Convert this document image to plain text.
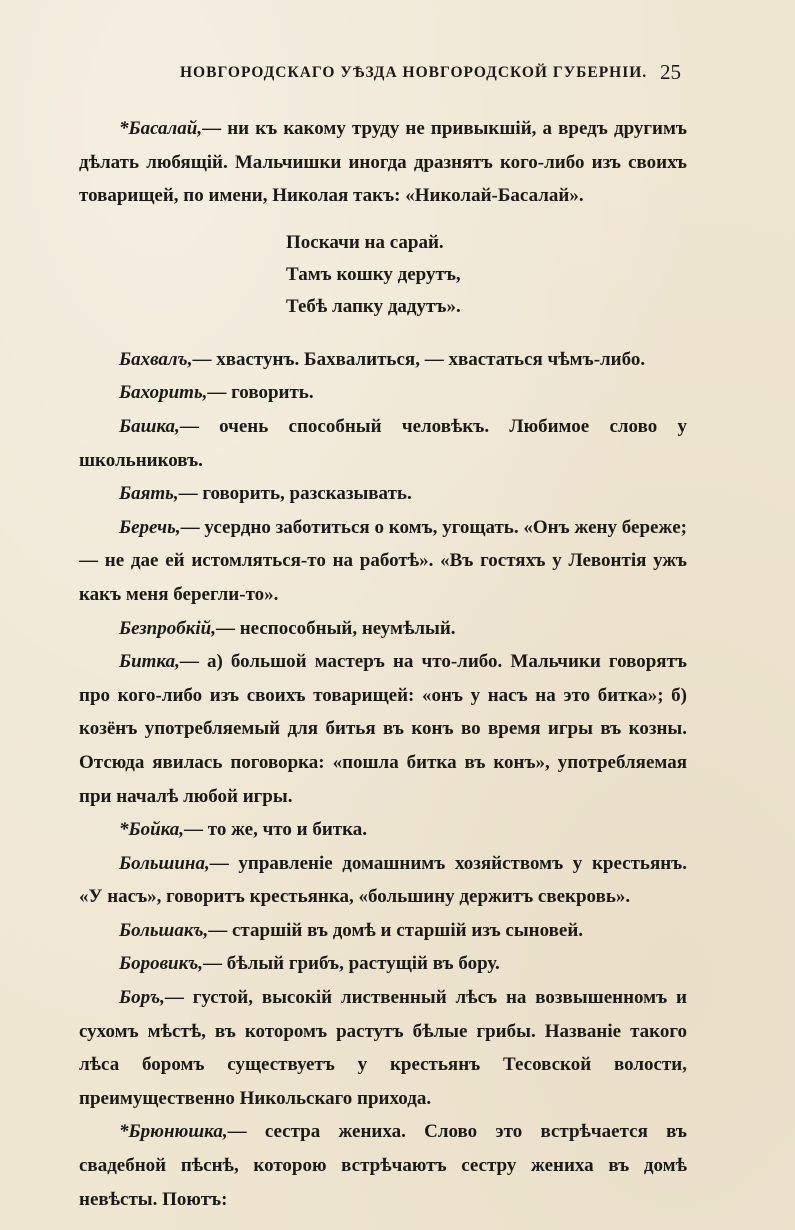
НОВГОРОДСКАГО УѢЗДА НОВГОРОДСКОЙ ГУБЕРНІИ. 25

*Басалай,— ни къ какому труду не привыкшій, а вредъ другимъ дѣлать любящій. Мальчишки иногда дразнятъ кого-либо изъ своихъ товарищей, по имени, Николая такъ: «Николай-Басалай».

Поскачи на сарай.
Тамъ кошку дерутъ,
Тебѣ лапку дадутъ».

Бахвалъ,— хвастунъ. Бахвалиться, — хвастаться чѣмъ-либо.

Бахорить,— говорить.

Башка,— очень способный человѣкъ. Любимое слово у школьниковъ.

Баять,— говорить, разсказывать.

Беречь,— усердно заботиться о комъ, угощать. «Онъ жену бережe; — не дае ей истомляться-то на работѣ». «Въ гостяхъ у Левонтія ужъ какъ меня берегли-то».

Безпробкій,— неспособный, неумѣлый.

Битка,— а) большой мастеръ на что-либо. Мальчики говорятъ про кого-либо изъ своихъ товарищей: «онъ у насъ на это битка»; б) козёнъ употребляемый для битья въ конъ во время игры въ козны. Отсюда явилась поговорка: «пошла битка въ конъ», употребляемая при началѣ любой игры.

*Бойка,— то же, что и битка.

Большина,— управленіе домашнимъ хозяйствомъ у крестьянъ. «У насъ», говоритъ крестьянка, «большину держитъ свекровь».

Большакъ,— старшій въ домѣ и старшій изъ сыновей.

Боровикъ,— бѣлый грибъ, растущій въ бору.

Боръ,— густой, высокій лиственный лѣсъ на возвышенномъ и сухомъ мѣстѣ, въ которомъ растутъ бѣлые грибы. Названіе такого лѣса боромъ существуетъ у крестьянъ Тесовской волости, преимущественно Никольскаго прихода.

*Брюнюшка,— сестра жениха. Слово это встрѣчается въ свадебной пѣснѣ, которою встрѣчаютъ сестру жениха въ домѣ невѣсты. Поютъ:
